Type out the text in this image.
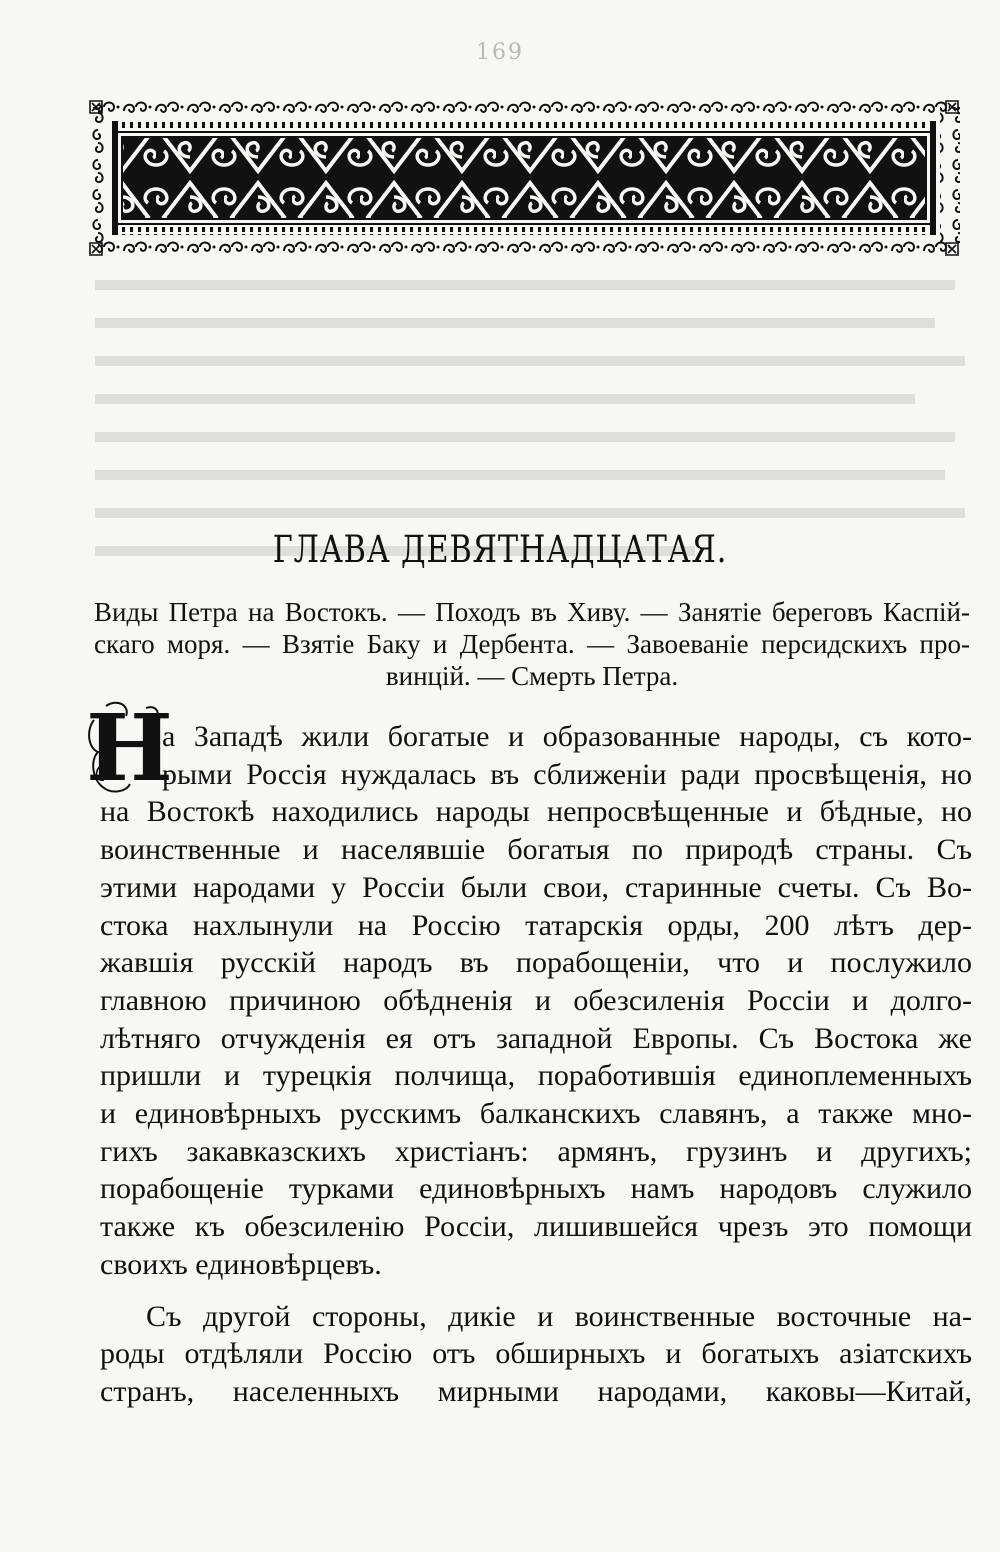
169
ГЛАВА ДЕВЯТНАДЦАТАЯ.
Виды Петра на Востокъ. — Походъ въ Хиву. — Занятіе береговъ Каспій-
скаго моря. — Взятіе Баку и Дербента. — Завоеваніе персидскихъ про-
винцій. — Смерть Петра.
Н
а Западѣ жили богатые и образованные народы, съ кото-
рыми Россія нуждалась въ сближеніи ради просвѣщенія, но
на Востокѣ находились народы непросвѣщенные и бѣдные, но
воинственные и населявшіе богатыя по природѣ страны. Съ
этими народами у Россіи были свои, старинные счеты. Съ Во-
стока нахлынули на Россію татарскія орды, 200 лѣтъ дер-
жавшія русскій народъ въ порабощеніи, что и послужило
главною причиною обѣдненія и обезсиленія Россіи и долго-
лѣтняго отчужденія ея отъ западной Европы. Съ Востока же
пришли и турецкія полчища, поработившія единоплеменныхъ
и единовѣрныхъ русскимъ балканскихъ славянъ, а также мно-
гихъ закавказскихъ христіанъ: армянъ, грузинъ и другихъ;
порабощеніе турками единовѣрныхъ намъ народовъ служило
также къ обезсиленію Россіи, лишившейся чрезъ это помощи
своихъ единовѣрцевъ.
Съ другой стороны, дикіе и воинственные восточные на-
роды отдѣляли Россію отъ обширныхъ и богатыхъ азіатскихъ
странъ, населенныхъ мирными народами, каковы—Китай,
